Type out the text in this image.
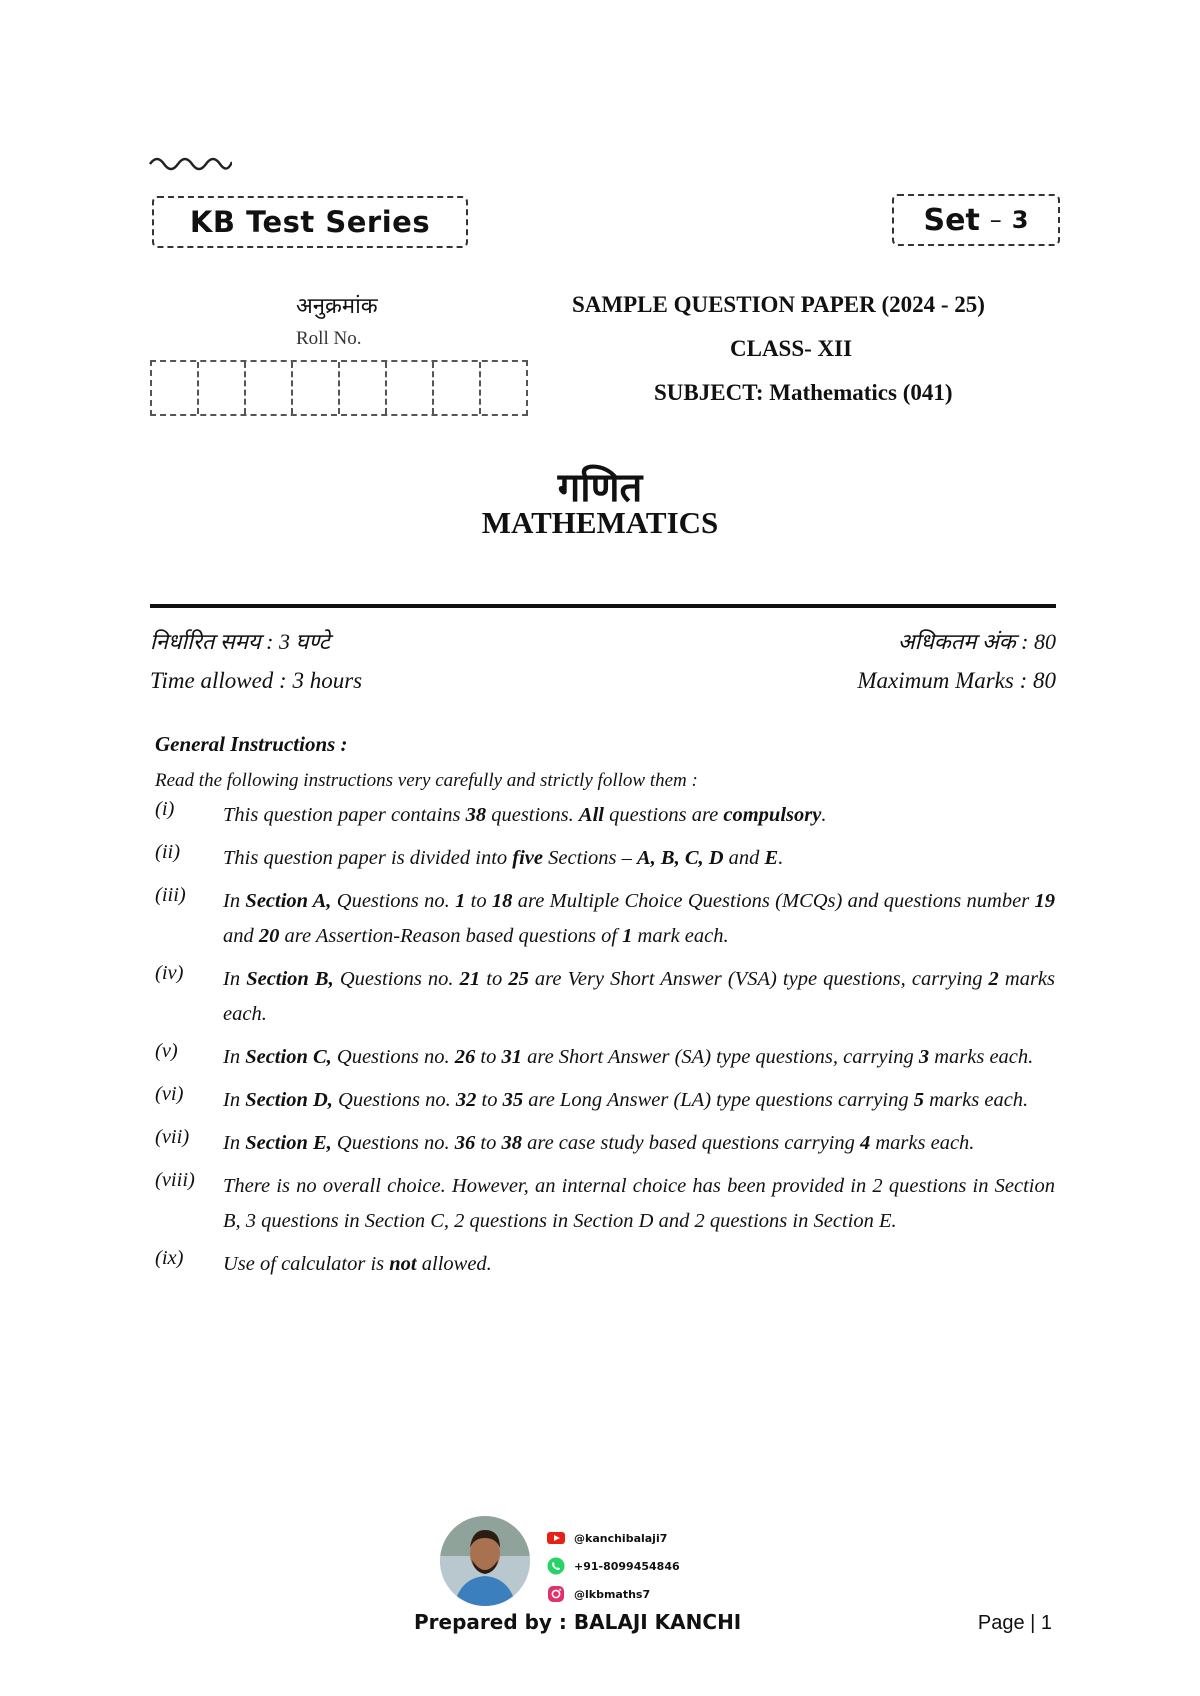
KB Test Series	Set – 3
अनुक्रमांक
Roll No.
SAMPLE QUESTION PAPER (2024 - 25)
CLASS- XII
SUBJECT: Mathematics (041)
गणित
MATHEMATICS
निर्धारित समय : 3 घण्टे
Time allowed : 3 hours
अधिकतम अंक : 80
Maximum Marks : 80
General Instructions :
Read the following instructions very carefully and strictly follow them :
(i)	This question paper contains 38 questions. All questions are compulsory.
(ii)	This question paper is divided into five Sections – A, B, C, D and E.
(iii)	In Section A, Questions no. 1 to 18 are Multiple Choice Questions (MCQs) and questions number 19 and 20 are Assertion-Reason based questions of 1 mark each.
(iv)	In Section B, Questions no. 21 to 25 are Very Short Answer (VSA) type questions, carrying 2 marks each.
(v)	In Section C, Questions no. 26 to 31 are Short Answer (SA) type questions, carrying 3 marks each.
(vi)	In Section D, Questions no. 32 to 35 are Long Answer (LA) type questions carrying 5 marks each.
(vii)	In Section E, Questions no. 36 to 38 are case study based questions carrying 4 marks each.
(viii)	There is no overall choice. However, an internal choice has been provided in 2 questions in Section B, 3 questions in Section C, 2 questions in Section D and 2 questions in Section E.
(ix)	Use of calculator is not allowed.
@kanchibalaji7
+91-8099454846
@lkbmaths7
Prepared by : BALAJI KANCHI	Page | 1
